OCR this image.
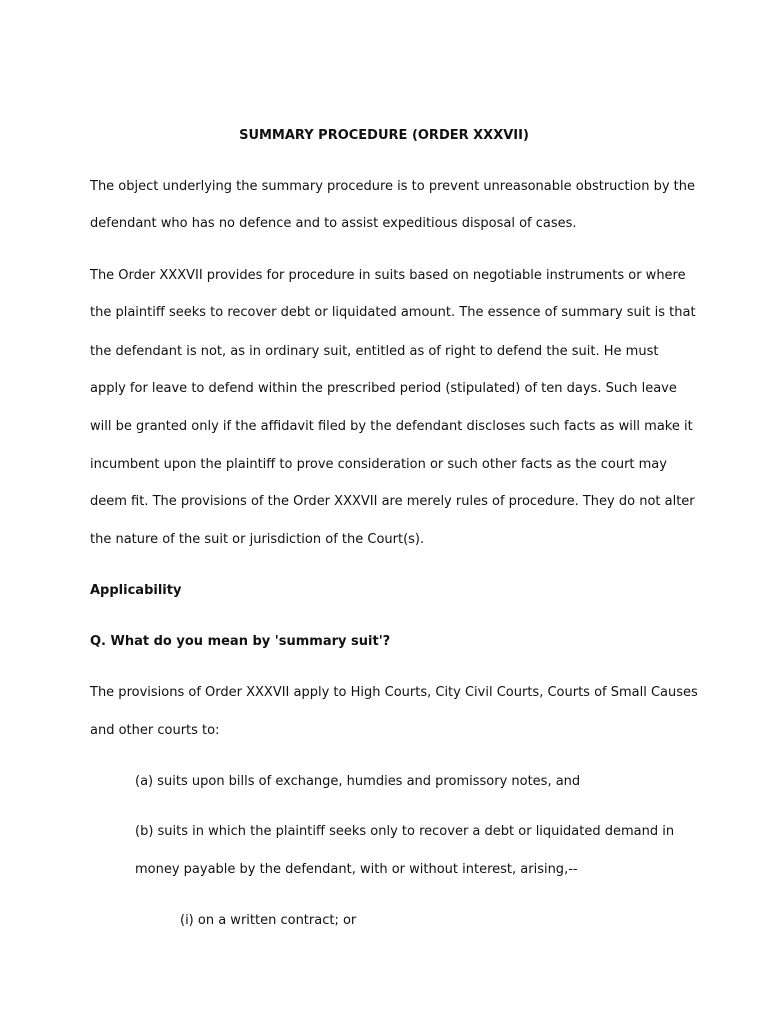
SUMMARY PROCEDURE (ORDER XXXVII)
The object underlying the summary procedure is to prevent unreasonable obstruction by the
defendant who has no defence and to assist expeditious disposal of cases.
The Order XXXVII provides for procedure in suits based on negotiable instruments or where
the plaintiff seeks to recover debt or liquidated amount. The essence of summary suit is that
the defendant is not, as in ordinary suit, entitled as of right to defend the suit. He must
apply for leave to defend within the prescribed period (stipulated) of ten days. Such leave
will be granted only if the affidavit filed by the defendant discloses such facts as will make it
incumbent upon the plaintiff to prove consideration or such other facts as the court may
deem fit. The provisions of the Order XXXVII are merely rules of procedure. They do not alter
the nature of the suit or jurisdiction of the Court(s).
Applicability
Q. What do you mean by 'summary suit'?
The provisions of Order XXXVII apply to High Courts, City Civil Courts, Courts of Small Causes
and other courts to:
(a) suits upon bills of exchange, humdies and promissory notes, and
(b) suits in which the plaintiff seeks only to recover a debt or liquidated demand in
money payable by the defendant, with or without interest, arising,--
(i) on a written contract; or
